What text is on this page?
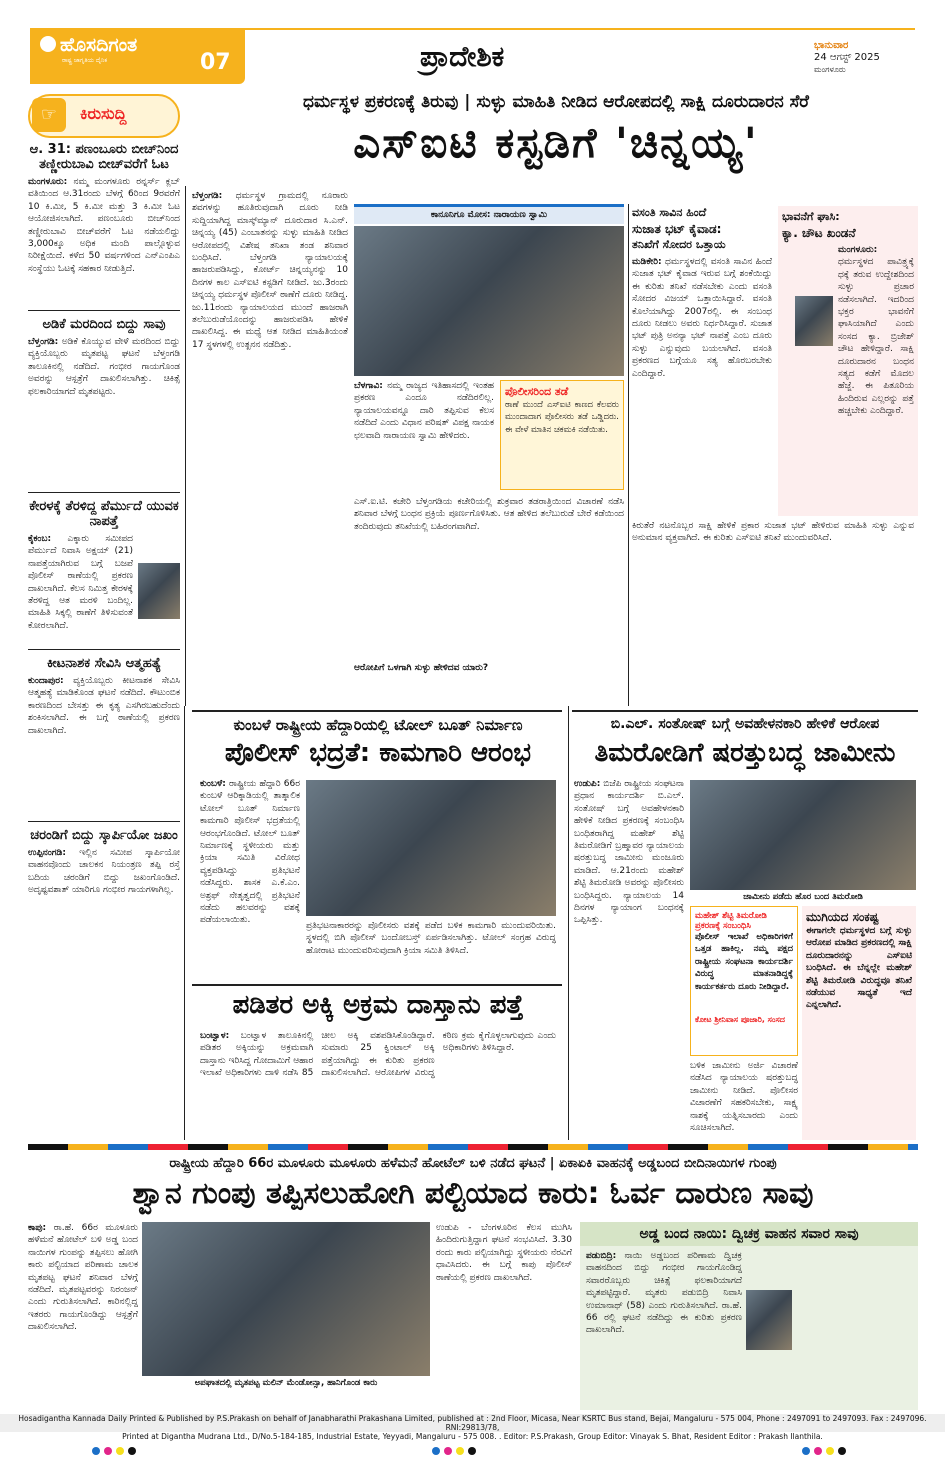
ಹೊಸದಿಗಂತ
ರಾಷ್ಟ್ರ ಜಾಗೃತಿಯ ದೈನಿಕ	07	ಪ್ರಾದೇಶಿಕ	ಭಾನುವಾರ
24 ಆಗಸ್ಟ್ 2025
ಮಂಗಳೂರು
☞	ಕಿರುಸುದ್ದಿ
ಧರ್ಮಸ್ಥಳ ಪ್ರಕರಣಕ್ಕೆ ತಿರುವು | ಸುಳ್ಳು ಮಾಹಿತಿ ನೀಡಿದ ಆರೋಪದಲ್ಲಿ ಸಾಕ್ಷಿ ದೂರುದಾರನ ಸೆರೆ
ಎಸ್ಐಟಿ ಕಸ್ಟಡಿಗೆ 'ಚಿನ್ನಯ್ಯ'
ಆ. 31: ಪಣಂಬೂರು ಬೀಚ್‌ನಿಂದ ತಣ್ಣೀರುಬಾವಿ ಬೀಚ್‌ವರೆಗೆ ಓಟ
ಮಂಗಳೂರು: ನಮ್ಮ ಮಂಗಳೂರು ರನ್ನರ್ಸ್ ಕ್ಲಬ್ ವತಿಯಿಂದ ಆ.31ರಂದು ಬೆಳಗ್ಗೆ 6ರಿಂದ 9ರವರೆಗೆ 10 ಕಿ.ಮೀ, 5 ಕಿ.ಮೀ ಮತ್ತು 3 ಕಿ.ಮೀ ಓಟ ಆಯೋಜಿಸಲಾಗಿದೆ. ಪಣಂಬೂರು ಬೀಚ್‌ನಿಂದ ತಣ್ಣೀರುಬಾವಿ ಬೀಚ್‌ವರೆಗೆ ಓಟ ನಡೆಯಲಿದ್ದು 3,000ಕ್ಕೂ ಅಧಿಕ ಮಂದಿ ಪಾಲ್ಗೊಳ್ಳುವ ನಿರೀಕ್ಷೆಯಿದೆ. ಕಳೆದ 50 ವರ್ಷಗಳಿಂದ ಎನ್ಎಂಪಿಎ ಸಂಸ್ಥೆಯು ಓಟಕ್ಕೆ ಸಹಕಾರ ನೀಡುತ್ತಿದೆ.
ಅಡಿಕೆ ಮರದಿಂದ ಬಿದ್ದು ಸಾವು
ಬೆಳ್ತಂಗಡಿ: ಅಡಿಕೆ ಕೊಯ್ಯುವ ವೇಳೆ ಮರದಿಂದ ಬಿದ್ದು ವ್ಯಕ್ತಿಯೊಬ್ಬರು ಮೃತಪಟ್ಟ ಘಟನೆ ಬೆಳ್ತಂಗಡಿ ತಾಲೂಕಿನಲ್ಲಿ ನಡೆದಿದೆ. ಗಂಭೀರ ಗಾಯಗೊಂಡ ಅವರನ್ನು ಆಸ್ಪತ್ರೆಗೆ ದಾಖಲಿಸಲಾಗಿತ್ತು. ಚಿಕಿತ್ಸೆ ಫಲಕಾರಿಯಾಗದೆ ಮೃತಪಟ್ಟರು.
ಕೇರಳಕ್ಕೆ ತೆರಳಿದ್ದ ಪೆರ್ಮುದೆ ಯುವಕ ನಾಪತ್ತೆ
ಕೈಕಂಬ: ಎಕ್ಕಾರು ಸಮೀಪದ ಪೆರ್ಮುದೆ ನಿವಾಸಿ ಅಕ್ಷಯ್ (21) ನಾಪತ್ತೆಯಾಗಿರುವ ಬಗ್ಗೆ ಬಜಪೆ ಪೊಲೀಸ್ ಠಾಣೆಯಲ್ಲಿ ಪ್ರಕರಣ ದಾಖಲಾಗಿದೆ. ಕೆಲಸ ನಿಮಿತ್ತ ಕೇರಳಕ್ಕೆ ತೆರಳಿದ್ದ ಆತ ಮರಳಿ ಬಂದಿಲ್ಲ. ಮಾಹಿತಿ ಸಿಕ್ಕಲ್ಲಿ ಠಾಣೆಗೆ ತಿಳಿಸುವಂತೆ ಕೋರಲಾಗಿದೆ.
ಕೀಟನಾಶಕ ಸೇವಿಸಿ ಆತ್ಮಹತ್ಯೆ
ಕುಂದಾಪುರ: ವ್ಯಕ್ತಿಯೊಬ್ಬರು ಕೀಟನಾಶಕ ಸೇವಿಸಿ ಆತ್ಮಹತ್ಯೆ ಮಾಡಿಕೊಂಡ ಘಟನೆ ನಡೆದಿದೆ. ಕೌಟುಂಬಿಕ ಕಾರಣದಿಂದ ಬೇಸತ್ತು ಈ ಕೃತ್ಯ ಎಸಗಿರಬಹುದೆಂದು ಶಂಕಿಸಲಾಗಿದೆ. ಈ ಬಗ್ಗೆ ಠಾಣೆಯಲ್ಲಿ ಪ್ರಕರಣ ದಾಖಲಾಗಿದೆ.
ಚರಂಡಿಗೆ ಬಿದ್ದು ಸ್ಕಾರ್ಪಿಯೋ ಜಖಂ
ಉಪ್ಪಿನಂಗಡಿ: ಇಲ್ಲಿನ ಸಮೀಪ ಸ್ಕಾರ್ಪಿಯೋ ವಾಹನವೊಂದು ಚಾಲಕನ ನಿಯಂತ್ರಣ ತಪ್ಪಿ ರಸ್ತೆ ಬದಿಯ ಚರಂಡಿಗೆ ಬಿದ್ದು ಜಖಂಗೊಂಡಿದೆ. ಅದೃಷ್ಟವಶಾತ್ ಯಾರಿಗೂ ಗಂಭೀರ ಗಾಯಗಳಾಗಿಲ್ಲ.
ಬೆಳ್ತಂಗಡಿ: ಧರ್ಮಸ್ಥಳ ಗ್ರಾಮದಲ್ಲಿ ನೂರಾರು ಶವಗಳನ್ನು ಹೂತಿರುವುದಾಗಿ ದೂರು ನೀಡಿ ಸುದ್ದಿಯಾಗಿದ್ದ ಮಾಸ್ಕ್‌ಮ್ಯಾನ್ ದೂರುದಾರ ಸಿ.ಎನ್. ಚಿನ್ನಯ್ಯ (45) ಎಂಬಾತನನ್ನು ಸುಳ್ಳು ಮಾಹಿತಿ ನೀಡಿದ ಆರೋಪದಲ್ಲಿ ವಿಶೇಷ ತನಿಖಾ ತಂಡ ಶನಿವಾರ ಬಂಧಿಸಿದೆ. ಬೆಳ್ತಂಗಡಿ ನ್ಯಾಯಾಲಯಕ್ಕೆ ಹಾಜರುಪಡಿಸಿದ್ದು, ಕೋರ್ಟ್ ಚಿನ್ನಯ್ಯನನ್ನು 10 ದಿನಗಳ ಕಾಲ ಎಸ್ಐಟಿ ಕಸ್ಟಡಿಗೆ ನೀಡಿದೆ. ಜು.3ರಂದು ಚಿನ್ನಯ್ಯ ಧರ್ಮಸ್ಥಳ ಪೊಲೀಸ್ ಠಾಣೆಗೆ ದೂರು ನೀಡಿದ್ದ. ಜು.11ರಂದು ನ್ಯಾಯಾಲಯದ ಮುಂದೆ ಹಾಜರಾಗಿ ತಲೆಬುರುಡೆಯೊಂದನ್ನು ಹಾಜರುಪಡಿಸಿ ಹೇಳಿಕೆ ದಾಖಲಿಸಿದ್ದ. ಈ ಮಧ್ಯೆ ಆತ ನೀಡಿದ ಮಾಹಿತಿಯಂತೆ 17 ಸ್ಥಳಗಳಲ್ಲಿ ಉತ್ಖನನ ನಡೆದಿತ್ತು.
ಕಾನೂನಿಗೂ ಮೋಸ: ನಾರಾಯಣ ಸ್ವಾಮಿ
ಬೆಳಗಾವಿ: ನಮ್ಮ ರಾಜ್ಯದ ಇತಿಹಾಸದಲ್ಲಿ ಇಂತಹ ಪ್ರಕರಣ ಎಂದೂ ನಡೆದಿರಲಿಲ್ಲ. ನ್ಯಾಯಾಲಯವನ್ನೂ ದಾರಿ ತಪ್ಪಿಸುವ ಕೆಲಸ ನಡೆದಿದೆ ಎಂದು ವಿಧಾನ ಪರಿಷತ್ ವಿಪಕ್ಷ ನಾಯಕ ಛಲವಾದಿ ನಾರಾಯಣ ಸ್ವಾಮಿ ಹೇಳಿದರು.
ಪೊಲೀಸರಿಂದ ತಡೆ
ಠಾಣೆ ಮುಂದೆ ಎಸ್ಐಟಿ ಕಾಣದ ಕೆಲವರು ಮುಂದಾದಾಗ ಪೊಲೀಸರು ತಡೆ ಒಡ್ಡಿದರು. ಈ ವೇಳೆ ಮಾತಿನ ಚಕಮಕಿ ನಡೆಯಿತು.
ಎಸ್.ಐ.ಟಿ. ಕಚೇರಿ ಬೆಳ್ತಂಗಡಿಯ ಕಚೇರಿಯಲ್ಲಿ ಶುಕ್ರವಾರ ತಡರಾತ್ರಿಯಿಂದ ವಿಚಾರಣೆ ನಡೆಸಿ ಶನಿವಾರ ಬೆಳಗ್ಗೆ ಬಂಧನ ಪ್ರಕ್ರಿಯೆ ಪೂರ್ಣಗೊಳಿಸಿತು. ಆತ ಹೇಳಿದ ತಲೆಬುರುಡೆ ಬೇರೆ ಕಡೆಯಿಂದ ತಂದಿರುವುದು ತನಿಖೆಯಲ್ಲಿ ಬಹಿರಂಗವಾಗಿದೆ.
ಆರೋಪಿಗೆ ಒಳಗಾಗಿ ಸುಳ್ಳು ಹೇಳಿದವ ಯಾರು?
ವಸಂತಿ ಸಾವಿನ ಹಿಂದೆ
ಸುಜಾತ ಭಟ್ ಕೈವಾಡ:
ತನಿಖೆಗೆ ಸೋದರ ಒತ್ತಾಯ
ಮಡಿಕೇರಿ: ಧರ್ಮಸ್ಥಳದಲ್ಲಿ ವಸಂತಿ ಸಾವಿನ ಹಿಂದೆ ಸುಜಾತ ಭಟ್ ಕೈವಾಡ ಇರುವ ಬಗ್ಗೆ ಶಂಕೆಯಿದ್ದು ಈ ಕುರಿತು ತನಿಖೆ ನಡೆಸಬೇಕು ಎಂದು ವಸಂತಿ ಸೋದರ ವಿಜಯ್ ಒತ್ತಾಯಿಸಿದ್ದಾರೆ. ವಸಂತಿ ಕೊಲೆಯಾಗಿದ್ದು 2007ರಲ್ಲಿ. ಈ ಸಂಬಂಧ ದೂರು ನೀಡಲು ಅವರು ನಿರ್ಧರಿಸಿದ್ದಾರೆ. ಸುಜಾತ ಭಟ್ ಪುತ್ರಿ ಅನನ್ಯಾ ಭಟ್ ನಾಪತ್ತೆ ಎಂಬ ದೂರು ಸುಳ್ಳು ಎನ್ನುವುದು ಬಯಲಾಗಿದೆ. ವಸಂತಿ ಪ್ರಕರಣದ ಬಗ್ಗೆಯೂ ಸತ್ಯ ಹೊರಬರಬೇಕು ಎಂದಿದ್ದಾರೆ.
ಕಿರುತೆರೆ ನಟನೊಬ್ಬರ ಸಾಕ್ಷಿ ಹೇಳಿಕೆ ಪ್ರಕಾರ ಸುಜಾತ ಭಟ್ ಹೇಳಿರುವ ಮಾಹಿತಿ ಸುಳ್ಳು ಎನ್ನುವ ಅನುಮಾನ ವ್ಯಕ್ತವಾಗಿದೆ. ಈ ಕುರಿತು ಎಸ್ಐಟಿ ತನಿಖೆ ಮುಂದುವರಿಸಿದೆ.
ಭಾವನೆಗೆ ಘಾಸಿ:
ಕ್ಯಾ. ಚೌಟ ಖಂಡನೆ
ಮಂಗಳೂರು: ಧರ್ಮಸ್ಥಳದ ಪಾವಿತ್ರ್ಯಕ್ಕೆ ಧಕ್ಕೆ ತರುವ ಉದ್ದೇಶದಿಂದ ಸುಳ್ಳು ಪ್ರಚಾರ ನಡೆಸಲಾಗಿದೆ. ಇದರಿಂದ ಭಕ್ತರ ಭಾವನೆಗೆ ಘಾಸಿಯಾಗಿದೆ ಎಂದು ಸಂಸದ ಕ್ಯಾ. ಬ್ರಿಜೇಶ್ ಚೌಟ ಹೇಳಿದ್ದಾರೆ. ಸಾಕ್ಷಿ ದೂರುದಾರನ ಬಂಧನ ಸತ್ಯದ ಕಡೆಗೆ ಮೊದಲ ಹೆಜ್ಜೆ. ಈ ಪಿತೂರಿಯ ಹಿಂದಿರುವ ಎಲ್ಲರನ್ನು ಪತ್ತೆ ಹಚ್ಚಬೇಕು ಎಂದಿದ್ದಾರೆ.
ಕುಂಬಳೆ ರಾಷ್ಟ್ರೀಯ ಹೆದ್ದಾರಿಯಲ್ಲಿ ಟೋಲ್ ಬೂತ್ ನಿರ್ಮಾಣ
ಪೊಲೀಸ್ ಭದ್ರತೆ: ಕಾಮಗಾರಿ ಆರಂಭ
ಕುಂಬಳೆ: ರಾಷ್ಟ್ರೀಯ ಹೆದ್ದಾರಿ 66ರ ಕುಂಬಳೆ ಆರಿಕ್ಕಾಡಿಯಲ್ಲಿ ತಾತ್ಕಾಲಿಕ ಟೋಲ್ ಬೂತ್ ನಿರ್ಮಾಣ ಕಾಮಗಾರಿ ಪೊಲೀಸ್ ಭದ್ರತೆಯಲ್ಲಿ ಆರಂಭಗೊಂಡಿದೆ. ಟೋಲ್ ಬೂತ್ ನಿರ್ಮಾಣಕ್ಕೆ ಸ್ಥಳೀಯರು ಮತ್ತು ಕ್ರಿಯಾ ಸಮಿತಿ ವಿರೋಧ ವ್ಯಕ್ತಪಡಿಸಿದ್ದು ಪ್ರತಿಭಟನೆ ನಡೆಸಿದ್ದರು. ಶಾಸಕ ಎ.ಕೆ.ಎಂ. ಅಶ್ರಫ್ ನೇತೃತ್ವದಲ್ಲಿ ಪ್ರತಿಭಟನೆ ನಡೆದು ಹಲವರನ್ನು ವಶಕ್ಕೆ ಪಡೆಯಲಾಯಿತು.
ಪ್ರತಿಭಟನಾಕಾರರನ್ನು ಪೊಲೀಸರು ವಶಕ್ಕೆ ಪಡೆದ ಬಳಿಕ ಕಾಮಗಾರಿ ಮುಂದುವರಿಯಿತು. ಸ್ಥಳದಲ್ಲಿ ಬಿಗಿ ಪೊಲೀಸ್ ಬಂದೋಬಸ್ತ್ ಏರ್ಪಡಿಸಲಾಗಿತ್ತು. ಟೋಲ್ ಸಂಗ್ರಹ ವಿರುದ್ಧ ಹೋರಾಟ ಮುಂದುವರಿಸುವುದಾಗಿ ಕ್ರಿಯಾ ಸಮಿತಿ ತಿಳಿಸಿದೆ.
ಪಡಿತರ ಅಕ್ಕಿ ಅಕ್ರಮ ದಾಸ್ತಾನು ಪತ್ತೆ
ಬಂಟ್ವಾಳ: ಬಂಟ್ವಾಳ ತಾಲೂಕಿನಲ್ಲಿ ಪಡಿತರ ಅಕ್ಕಿಯನ್ನು ಅಕ್ರಮವಾಗಿ ದಾಸ್ತಾನು ಇರಿಸಿದ್ದ ಗೋದಾಮಿಗೆ ಆಹಾರ ಇಲಾಖೆ ಅಧಿಕಾರಿಗಳು ದಾಳಿ ನಡೆಸಿ 85 ಚೀಲ ಅಕ್ಕಿ ವಶಪಡಿಸಿಕೊಂಡಿದ್ದಾರೆ. ಸುಮಾರು 25 ಕ್ವಿಂಟಾಲ್ ಅಕ್ಕಿ ಪತ್ತೆಯಾಗಿದ್ದು ಈ ಕುರಿತು ಪ್ರಕರಣ ದಾಖಲಿಸಲಾಗಿದೆ. ಆರೋಪಿಗಳ ವಿರುದ್ಧ ಕಠಿಣ ಕ್ರಮ ಕೈಗೊಳ್ಳಲಾಗುವುದು ಎಂದು ಅಧಿಕಾರಿಗಳು ತಿಳಿಸಿದ್ದಾರೆ.
ಬಿ.ಎಲ್. ಸಂತೋಷ್ ಬಗ್ಗೆ ಅವಹೇಳನಕಾರಿ ಹೇಳಿಕೆ ಆರೋಪ
ತಿಮರೋಡಿಗೆ ಷರತ್ತುಬದ್ಧ ಜಾಮೀನು
ಉಡುಪಿ: ಬಿಜೆಪಿ ರಾಷ್ಟ್ರೀಯ ಸಂಘಟನಾ ಪ್ರಧಾನ ಕಾರ್ಯದರ್ಶಿ ಬಿ.ಎಲ್. ಸಂತೋಷ್ ಬಗ್ಗೆ ಅವಹೇಳನಕಾರಿ ಹೇಳಿಕೆ ನೀಡಿದ ಪ್ರಕರಣಕ್ಕೆ ಸಂಬಂಧಿಸಿ ಬಂಧಿತರಾಗಿದ್ದ ಮಹೇಶ್ ಶೆಟ್ಟಿ ತಿಮರೋಡಿಗೆ ಬ್ರಹ್ಮಾವರ ನ್ಯಾಯಾಲಯ ಷರತ್ತುಬದ್ಧ ಜಾಮೀನು ಮಂಜೂರು ಮಾಡಿದೆ. ಆ.21ರಂದು ಮಹೇಶ್ ಶೆಟ್ಟಿ ತಿಮರೋಡಿ ಅವರನ್ನು ಪೊಲೀಸರು ಬಂಧಿಸಿದ್ದರು. ನ್ಯಾಯಾಲಯ 14 ದಿನಗಳ ನ್ಯಾಯಾಂಗ ಬಂಧನಕ್ಕೆ ಒಪ್ಪಿಸಿತ್ತು.
ಜಾಮೀನು ಪಡೆದು ಹೊರ ಬಂದ ತಿಮರೋಡಿ
ಮಹೇಶ್ ಶೆಟ್ಟಿ ತಿಮರೋಡಿ ಪ್ರಕರಣಕ್ಕೆ ಸಂಬಂಧಿಸಿ
ಪೊಲೀಸ್ ಇಲಾಖೆ ಅಧಿಕಾರಿಗಳಿಗೆ ಒತ್ತಡ ಹಾಕಿಲ್ಲ. ನಮ್ಮ ಪಕ್ಷದ ರಾಷ್ಟ್ರೀಯ ಸಂಘಟನಾ ಕಾರ್ಯದರ್ಶಿ ವಿರುದ್ಧ ಮಾತನಾಡಿದ್ದಕ್ಕೆ ಕಾರ್ಯಕರ್ತರು ದೂರು ನೀಡಿದ್ದಾರೆ.
ಕೋಟ ಶ್ರೀನಿವಾಸ ಪೂಜಾರಿ, ಸಂಸದ
ಮುಗಿಯದ ಸಂಕಷ್ಟ
ಈಗಾಗಲೇ ಧರ್ಮಸ್ಥಳದ ಬಗ್ಗೆ ಸುಳ್ಳು ಆರೋಪ ಮಾಡಿದ ಪ್ರಕರಣದಲ್ಲಿ ಸಾಕ್ಷಿ ದೂರುದಾರನನ್ನು ಎಸ್ಐಟಿ ಬಂಧಿಸಿದೆ. ಈ ಬೆನ್ನಲ್ಲೇ ಮಹೇಶ್ ಶೆಟ್ಟಿ ತಿಮರೋಡಿ ವಿರುದ್ಧವೂ ತನಿಖೆ ನಡೆಯುವ ಸಾಧ್ಯತೆ ಇದೆ ಎನ್ನಲಾಗಿದೆ.
ಬಳಿಕ ಜಾಮೀನು ಅರ್ಜಿ ವಿಚಾರಣೆ ನಡೆಸಿದ ನ್ಯಾಯಾಲಯ ಷರತ್ತುಬದ್ಧ ಜಾಮೀನು ನೀಡಿದೆ. ಪೊಲೀಸರ ವಿಚಾರಣೆಗೆ ಸಹಕರಿಸಬೇಕು, ಸಾಕ್ಷ್ಯ ನಾಶಕ್ಕೆ ಯತ್ನಿಸಬಾರದು ಎಂದು ಸೂಚಿಸಲಾಗಿದೆ.
ರಾಷ್ಟ್ರೀಯ ಹೆದ್ದಾರಿ 66ರ ಮೂಳೂರು ಮೂಳೂರು ಹಳೆಮನೆ ಹೋಟೆಲ್ ಬಳಿ ನಡೆದ ಘಟನೆ | ಏಕಾಏಕಿ ವಾಹನಕ್ಕೆ ಅಡ್ಡಬಂದ ಬೀದಿನಾಯಿಗಳ ಗುಂಪು
ಶ್ವಾನ ಗುಂಪು ತಪ್ಪಿಸಲುಹೋಗಿ ಪಲ್ಟಿಯಾದ ಕಾರು: ಓರ್ವ ದಾರುಣ ಸಾವು
ಕಾಪು: ರಾ.ಹೆ. 66ರ ಮೂಳೂರು ಹಳೆಮನೆ ಹೋಟೆಲ್ ಬಳಿ ಅಡ್ಡ ಬಂದ ನಾಯಿಗಳ ಗುಂಪನ್ನು ತಪ್ಪಿಸಲು ಹೋಗಿ ಕಾರು ಪಲ್ಟಿಯಾದ ಪರಿಣಾಮ ಚಾಲಕ ಮೃತಪಟ್ಟ ಘಟನೆ ಶನಿವಾರ ಬೆಳಗ್ಗೆ ನಡೆದಿದೆ. ಮೃತಪಟ್ಟವರನ್ನು ನಿರಂಜನ್ ಎಂದು ಗುರುತಿಸಲಾಗಿದೆ. ಕಾರಿನಲ್ಲಿದ್ದ ಇತರರು ಗಾಯಗೊಂಡಿದ್ದು ಆಸ್ಪತ್ರೆಗೆ ದಾಖಲಿಸಲಾಗಿದೆ.
ಅಪಘಾತದಲ್ಲಿ ಮೃತಪಟ್ಟ ಮಲಿನ್ ಮೆಂಡೋನ್ಸಾ, ಹಾನಿಗೊಂಡ ಕಾರು
ಉಡುಪಿ - ಬೆಂಗಳೂರಿನ ಕೆಲಸ ಮುಗಿಸಿ ಹಿಂದಿರುಗುತ್ತಿದ್ದಾಗ ಘಟನೆ ಸಂಭವಿಸಿದೆ. 3.30 ರಂದು ಕಾರು ಪಲ್ಟಿಯಾಗಿದ್ದು ಸ್ಥಳೀಯರು ನೆರವಿಗೆ ಧಾವಿಸಿದರು. ಈ ಬಗ್ಗೆ ಕಾಪು ಪೊಲೀಸ್ ಠಾಣೆಯಲ್ಲಿ ಪ್ರಕರಣ ದಾಖಲಾಗಿದೆ.
ಅಡ್ಡ ಬಂದ ನಾಯಿ: ದ್ವಿಚಕ್ರ ವಾಹನ ಸವಾರ ಸಾವು
ಪಡುಬಿದ್ರಿ: ನಾಯಿ ಅಡ್ಡಬಂದ ಪರಿಣಾಮ ದ್ವಿಚಕ್ರ ವಾಹನದಿಂದ ಬಿದ್ದು ಗಂಭೀರ ಗಾಯಗೊಂಡಿದ್ದ ಸವಾರರೊಬ್ಬರು ಚಿಕಿತ್ಸೆ ಫಲಕಾರಿಯಾಗದೆ ಮೃತಪಟ್ಟಿದ್ದಾರೆ. ಮೃತರು ಪಡುಬಿದ್ರಿ ನಿವಾಸಿ ಉಮಾನಾಥ್ (58) ಎಂದು ಗುರುತಿಸಲಾಗಿದೆ. ರಾ.ಹೆ. 66 ರಲ್ಲಿ ಘಟನೆ ನಡೆದಿದ್ದು ಈ ಕುರಿತು ಪ್ರಕರಣ ದಾಖಲಾಗಿದೆ.
Hosadigantha Kannada Daily Printed & Published by P.S.Prakash on behalf of Janabharathi Prakashana Limited, published at : 2nd Floor, Micasa, Near KSRTC Bus stand, Bejai, Mangaluru - 575 004, Phone : 2497091 to 2497093. Fax : 2497096. RNI:29813/78,
Printed at Digantha Mudrana Ltd., D/No.5-184-185, Industrial Estate, Yeyyadi, Mangaluru - 575 008. . Editor: P.S.Prakash, Group Editor: Vinayak S. Bhat, Resident Editor : Prakash Ilanthila.
